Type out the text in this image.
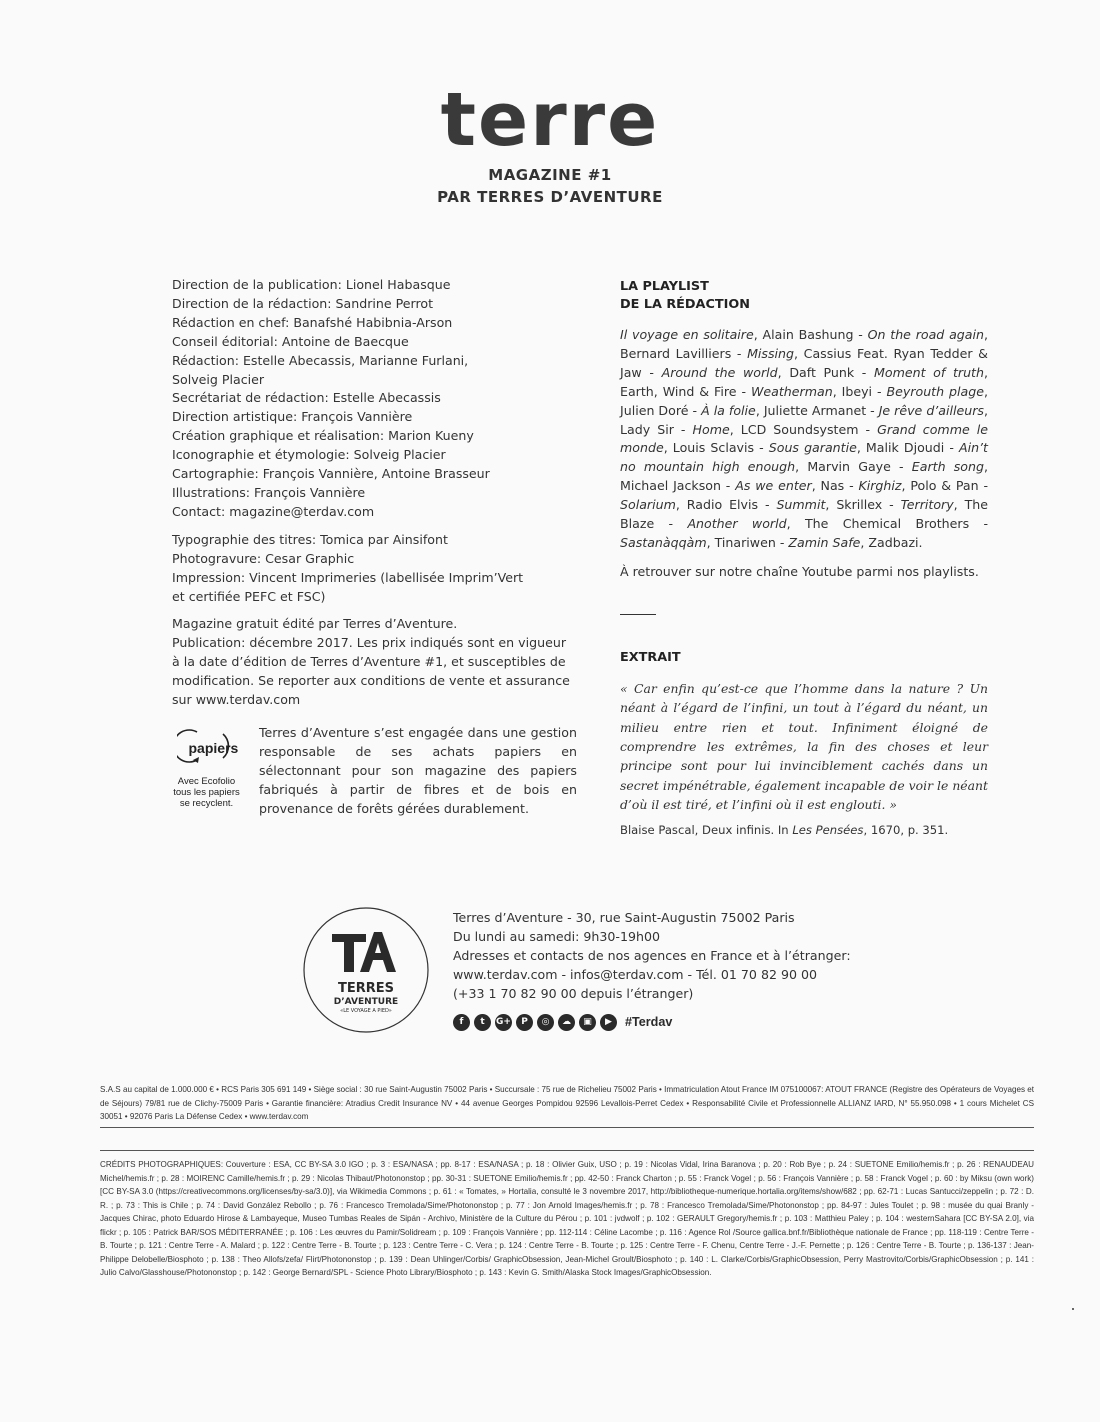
terre
MAGAZINE #1
PAR TERRES D’AVENTURE

Direction de la publication: Lionel Habasque

Direction de la rédaction: Sandrine Perrot

Rédaction en chef: Banafshé Habibnia-Arson

Conseil éditorial: Antoine de Baecque

Rédaction: Estelle Abecassis, Marianne Furlani,

Solveig Placier

Secrétariat de rédaction: Estelle Abecassis

Direction artistique: François Vannière

Création graphique et réalisation: Marion Kueny

Iconographie et étymologie: Solveig Placier

Cartographie: François Vannière, Antoine Brasseur

Illustrations: François Vannière

Contact: magazine@terdav.com

Typographie des titres: Tomica par Ainsifont

Photogravure: Cesar Graphic

Impression: Vincent Imprimeries (labellisée Imprim’Vert

et certifiée PEFC et FSC)

Magazine gratuit édité par Terres d’Aventure.

Publication: décembre 2017. Les prix indiqués sont en vigueur

à la date d’édition de Terres d’Aventure #1, et susceptibles de

modification. Se reporter aux conditions de vente et assurance

sur www.terdav.com

papiers
Avec Ecofolio
tous les papiers
se recyclent.
Terres d’Aventure s’est engagée dans une gestion responsable de ses achats papiers en sélectonnant pour son magazine des papiers fabriqués à partir de fibres et de bois en provenance de forêts gérées durablement.

LA PLAYLIST
DE LA RÉDACTION

Il voyage en solitaire, Alain Bashung - On the road again, Bernard Lavilliers - Missing, Cassius Feat. Ryan Tedder & Jaw - Around the world, Daft Punk - Moment of truth, Earth, Wind & Fire - Weatherman, Ibeyi - Beyrouth plage, Julien Doré - À la folie, Juliette Armanet - Je rêve d’ailleurs, Lady Sir - Home, LCD Soundsystem - Grand comme le monde, Louis Sclavis - Sous garantie, Malik Djoudi - Ain’t no mountain high enough, Marvin Gaye - Earth song, Michael Jackson - As we enter, Nas - Kirghiz, Polo & Pan - Solarium, Radio Elvis - Summit, Skrillex - Territory, The Blaze - Another world, The Chemical Brothers - Sastanàqqàm, Tinariwen - Zamin Safe, Zadbazi.

À retrouver sur notre chaîne Youtube parmi nos playlists.

EXTRAIT

« Car enfin qu’est-ce que l’homme dans la nature ? Un néant à l’égard de l’infini, un tout à l’égard du néant, un milieu entre rien et tout. Infiniment éloigné de comprendre les extrêmes, la fin des choses et leur principe sont pour lui invinciblement cachés dans un secret impénétrable, également incapable de voir le néant d’où il est tiré, et l’infini où il est englouti. »

Blaise Pascal, Deux infinis. In Les Pensées, 1670, p. 351.

TERRES
D’AVENTURE
«LE VOYAGE A PIED»

Terres d’Aventure - 30, rue Saint-Augustin 75002 Paris

Du lundi au samedi: 9h30-19h00

Adresses et contacts de nos agences en France et à l’étranger:

www.terdav.com - infos@terdav.com - Tél. 01 70 82 90 00

(+33 1 70 82 90 00 depuis l’étranger)

f	t	G+	P	◎	☁	▣	▶	#Terdav
S.A.S au capital de 1.000.000 € • RCS Paris 305 691 149 • Siège social : 30 rue Saint-Augustin 75002 Paris • Succursale : 75 rue de Richelieu 75002 Paris • Immatriculation Atout France IM 075100067: ATOUT FRANCE (Registre des Opérateurs de Voyages et de Séjours) 79/81 rue de Clichy-75009 Paris • Garantie financière: Atradius Credit Insurance NV • 44 avenue Georges Pompidou 92596 Levallois-Perret Cedex • Responsabilité Civile et Professionnelle ALLIANZ IARD, N° 55.950.098 • 1 cours Michelet CS 30051 • 92076 Paris La Défense Cedex • www.terdav.com
CRÉDITS PHOTOGRAPHIQUES: Couverture : ESA, CC BY-SA 3.0 IGO ; p. 3 : ESA/NASA ; pp. 8-17 : ESA/NASA ; p. 18 : Olivier Guix, USO ; p. 19 : Nicolas Vidal, Irina Baranova ; p. 20 : Rob Bye ; p. 24 : SUETONE Emilio/hemis.fr ; p. 26 : RENAUDEAU Michel/hemis.fr ; p. 28 : MOIRENC Camille/hemis.fr ; p. 29 : Nicolas Thibaut/Photononstop ; pp. 30-31 : SUETONE Emilio/hemis.fr ; pp. 42-50 : Franck Charton ; p. 55 : Franck Vogel ; p. 56 : François Vannière ; p. 58 : Franck Vogel ; p. 60 : by Miksu (own work) [CC BY-SA 3.0 (https://creativecommons.org/licenses/by-sa/3.0)], via Wikimedia Commons ; p. 61 : « Tomates, » Hortalia, consulté le 3 novembre 2017, http://bibliotheque-numerique.hortalia.org/items/show/682 ; pp. 62-71 : Lucas Santucci/zeppelin ; p. 72 : D. R. ; p. 73 : This is Chile ; p. 74 : David González Rebollo ; p. 76 : Francesco Tremolada/Sime/Photononstop ; p. 77 : Jon Arnold Images/hemis.fr ; p. 78 : Francesco Tremolada/Sime/Photononstop ; pp. 84-97 : Jules Toulet ; p. 98 : musée du quai Branly - Jacques Chirac, photo Eduardo Hirose & Lambayeque, Museo Tumbas Reales de Sipán - Archivo, Ministère de la Culture du Pérou ; p. 101 : jvdwolf ; p. 102 : GERAULT Gregory/hemis.fr ; p. 103 : Matthieu Paley ; p. 104 : westernSahara [CC BY-SA 2.0], via flickr ; p. 105 : Patrick BAR/SOS MÉDITERRANÉE ; p. 106 : Les œuvres du Pamir/Solidream ; p. 109 : François Vannière ; pp. 112-114 : Céline Lacombe ; p. 116 : Agence Rol /Source gallica.bnf.fr/Bibliothèque nationale de France ; pp. 118-119 : Centre Terre - B. Tourte ; p. 121 : Centre Terre - A. Malard ; p. 122 : Centre Terre - B. Tourte ; p. 123 : Centre Terre - C. Vera ; p. 124 : Centre Terre - B. Tourte ; p. 125 : Centre Terre - F. Chenu, Centre Terre - J.-F. Pernette ; p. 126 : Centre Terre - B. Tourte ; p. 136-137 : Jean-Philippe Delobelle/Biosphoto ; p. 138 : Theo Allofs/zefa/ Flirt/Photononstop ; p. 139 : Dean Uhlinger/Corbis/ GraphicObsession, Jean-Michel Groult/Biosphoto ; p. 140 : L. Clarke/Corbis/GraphicObsession, Perry Mastrovito/Corbis/GraphicObsession ; p. 141 : Julio Calvo/Glasshouse/Photononstop ; p. 142 : George Bernard/SPL - Science Photo Library/Biosphoto ; p. 143 : Kevin G. Smith/Alaska Stock Images/GraphicObsession.
